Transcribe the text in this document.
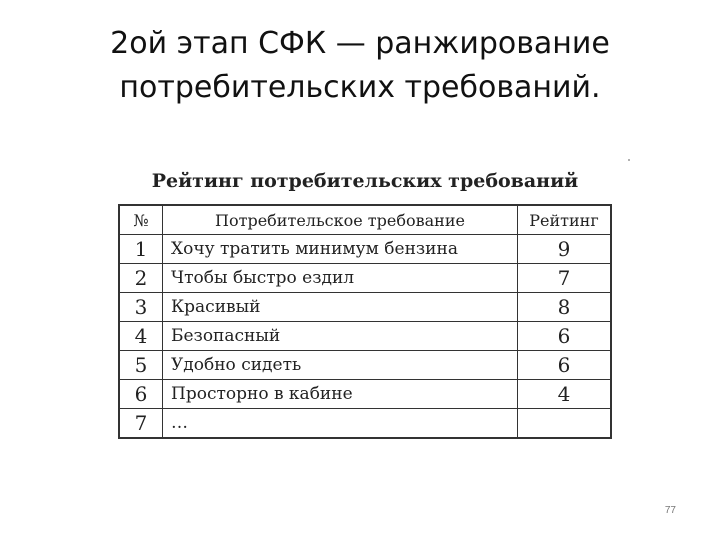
2ой этап СФК — ранжирование
потребительских требований.
Рейтинг потребительских требований
№	Потребительское требование	Рейтинг
1	Хочу тратить минимум бензина	9
2	Чтобы быстро ездил	7
3	Красивый	8
4	Безопасный	6
5	Удобно сидеть	6
6	Просторно в кабине	4
7	…	
77
